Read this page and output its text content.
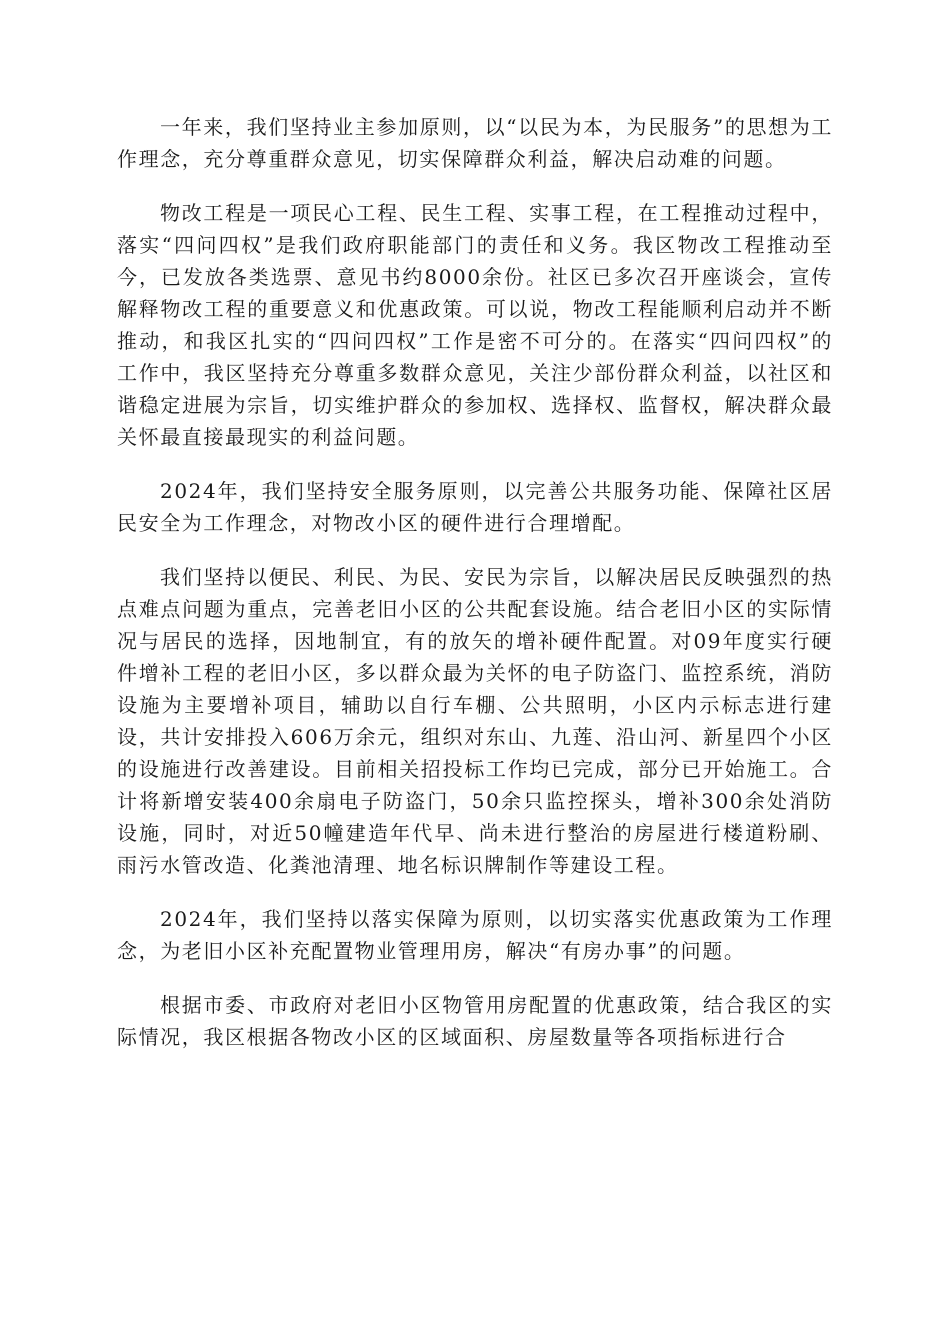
一年来，我们坚持业主参加原则，以“以民为本，为民服务”的思想为工作理念，充分尊重群众意见，切实保障群众利益，解决启动难的问题。

物改工程是一项民心工程、民生工程、实事工程，在工程推动过程中，落实“四问四权”是我们政府职能部门的责任和义务。我区物改工程推动至今，已发放各类选票、意见书约8000余份。社区已多次召开座谈会，宣传解释物改工程的重要意义和优惠政策。可以说，物改工程能顺利启动并不断推动，和我区扎实的“四问四权”工作是密不可分的。在落实“四问四权”的工作中，我区坚持充分尊重多数群众意见，关注少部份群众利益，以社区和谐稳定进展为宗旨，切实维护群众的参加权、选择权、监督权，解决群众最关怀最直接最现实的利益问题。

2024年，我们坚持安全服务原则，以完善公共服务功能、保障社区居民安全为工作理念，对物改小区的硬件进行合理增配。

我们坚持以便民、利民、为民、安民为宗旨，以解决居民反映强烈的热点难点问题为重点，完善老旧小区的公共配套设施。结合老旧小区的实际情况与居民的选择，因地制宜，有的放矢的增补硬件配置。对09年度实行硬件增补工程的老旧小区，多以群众最为关怀的电子防盗门、监控系统，消防设施为主要增补项目，辅助以自行车棚、公共照明，小区内示标志进行建设，共计安排投入606万余元，组织对东山、九莲、沿山河、新星四个小区的设施进行改善建设。目前相关招投标工作均已完成，部分已开始施工。合计将新增安装400余扇电子防盗门，50余只监控探头，增补300余处消防设施，同时，对近50幢建造年代早、尚未进行整治的房屋进行楼道粉刷、雨污水管改造、化粪池清理、地名标识牌制作等建设工程。

2024年，我们坚持以落实保障为原则，以切实落实优惠政策为工作理念，为老旧小区补充配置物业管理用房，解决“有房办事”的问题。

根据市委、市政府对老旧小区物管用房配置的优惠政策，结合我区的实际情况，我区根据各物改小区的区域面积、房屋数量等各项指标进行合
